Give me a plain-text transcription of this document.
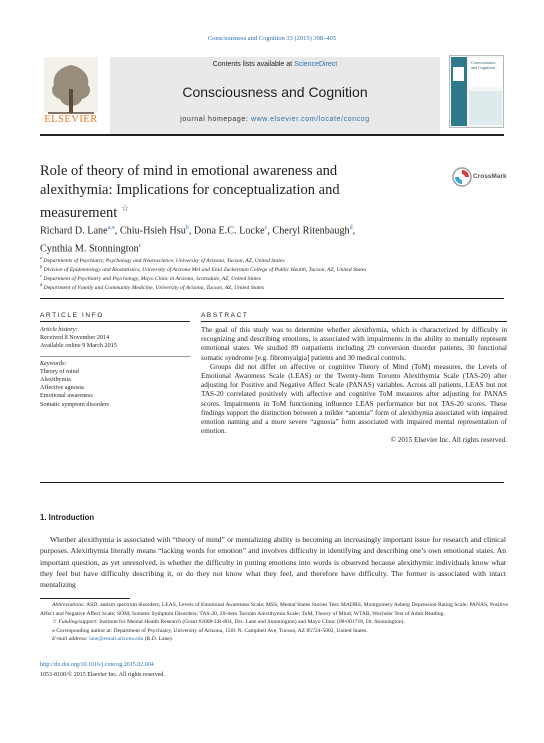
Consciousness and Cognition 33 (2015) 398–405
Contents lists available at ScienceDirect
Consciousness and Cognition
journal homepage: www.elsevier.com/locate/concog
ELSEVIER
Consciousness and Cognition
Role of theory of mind in emotional awareness and alexithymia: Implications for conceptualization and measurement ☆
CrossMark
Richard D. Lane$^{a,⁎}$, Chiu-Hsieh Hsu$^b$, Dona E.C. Locke$^c$, Cheryl Ritenbaugh$^d$,
Cynthia M. Stonnington$^c$
$^a$ Departments of Psychiatry, Psychology and Neuroscience, University of Arizona, Tucson, AZ, United States
$^b$ Division of Epidemiology and Biostatistics, University of Arizona Mel and Enid Zuckerman College of Public Health, Tucson, AZ, United States
$^c$ Department of Psychiatry and Psychology, Mayo Clinic in Arizona, Scottsdale, AZ, United States
$^d$ Department of Family and Community Medicine, University of Arizona, Tucson, AZ, United States
ARTICLE INFO
Article history:
Received 8 November 2014
Available online 9 March 2015
Keywords:
Theory of mind
Alexithymia
Affective agnosia
Emotional awareness
Somatic symptom disorders
ABSTRACT

The goal of this study was to determine whether alexithymia, which is characterized by difficulty in recognizing and describing emotions, is associated with impairments in the ability to mentally represent emotional states. We studied 89 outpatients including 29 conversion disorder patients, 30 functional somatic syndrome [e.g. fibromyalgia] patients and 30 medical controls.

Groups did not differ on affective or cognitive Theory of Mind (ToM) measures, the Levels of Emotional Awareness Scale (LEAS) or the Twenty-Item Toronto Alexithymia Scale (TAS-20) after adjusting for Positive and Negative Affect Scale (PANAS) variables. Across all patients, LEAS but not TAS-20 correlated positively with affective and cognitive ToM measures after adjusting for PANAS scores. Impairments in ToM functioning influence LEAS performance but not TAS-20 scores. These findings support the distinction between a milder “anomia” form of alexithymia associated with impaired emotion naming and a more severe “agnosia” form associated with impaired mental representation of emotion.

© 2015 Elsevier Inc. All rights reserved.

1. Introduction
Whether alexithymia is associated with “theory of mind” or mentalizing ability is becoming an increasingly important issue for research and clinical purposes. Alexithymia literally means “lacking words for emotion” and involves difficulty in identifying and describing one’s own emotional states. An important question, as yet unresolved, is whether the difficulty in putting emotions into words is observed because alexithymic individuals know what they feel but have difficulty describing it, or do they not know what they feel, and therefore have difficulty. The former is associated with intact mentalizing

Abbreviations: ASD, autism spectrum disorders; LEAS, Levels of Emotional Awareness Scale; MSS, Mental States Stories Test; MADRS, Montgomery Asberg Depression Rating Scale; PANAS, Positive Affect and Negative Affect Scale; SOM, Somatic Symptom Disorders; TAS-20, 20-item Toronto Alexithymia Scale; ToM, Theory of Mind; WTAR, Wechsler Test of Adult Reading.

☆ Funding/support: Institute for Mental Health Research (Grant #2008-LR-804, Drs. Lane and Stonnington) and Mayo Clinic (08-001718, Dr. Stonnington).

⁎ Corresponding author at: Department of Psychiatry, University of Arizona, 1501 N. Campbell Ave, Tucson, AZ 85724-5002, United States.

E-mail address: lane@email.arizona.edu (R.D. Lane).

http://dx.doi.org/10.1016/j.concog.2015.02.004
1053-8100/© 2015 Elsevier Inc. All rights reserved.
